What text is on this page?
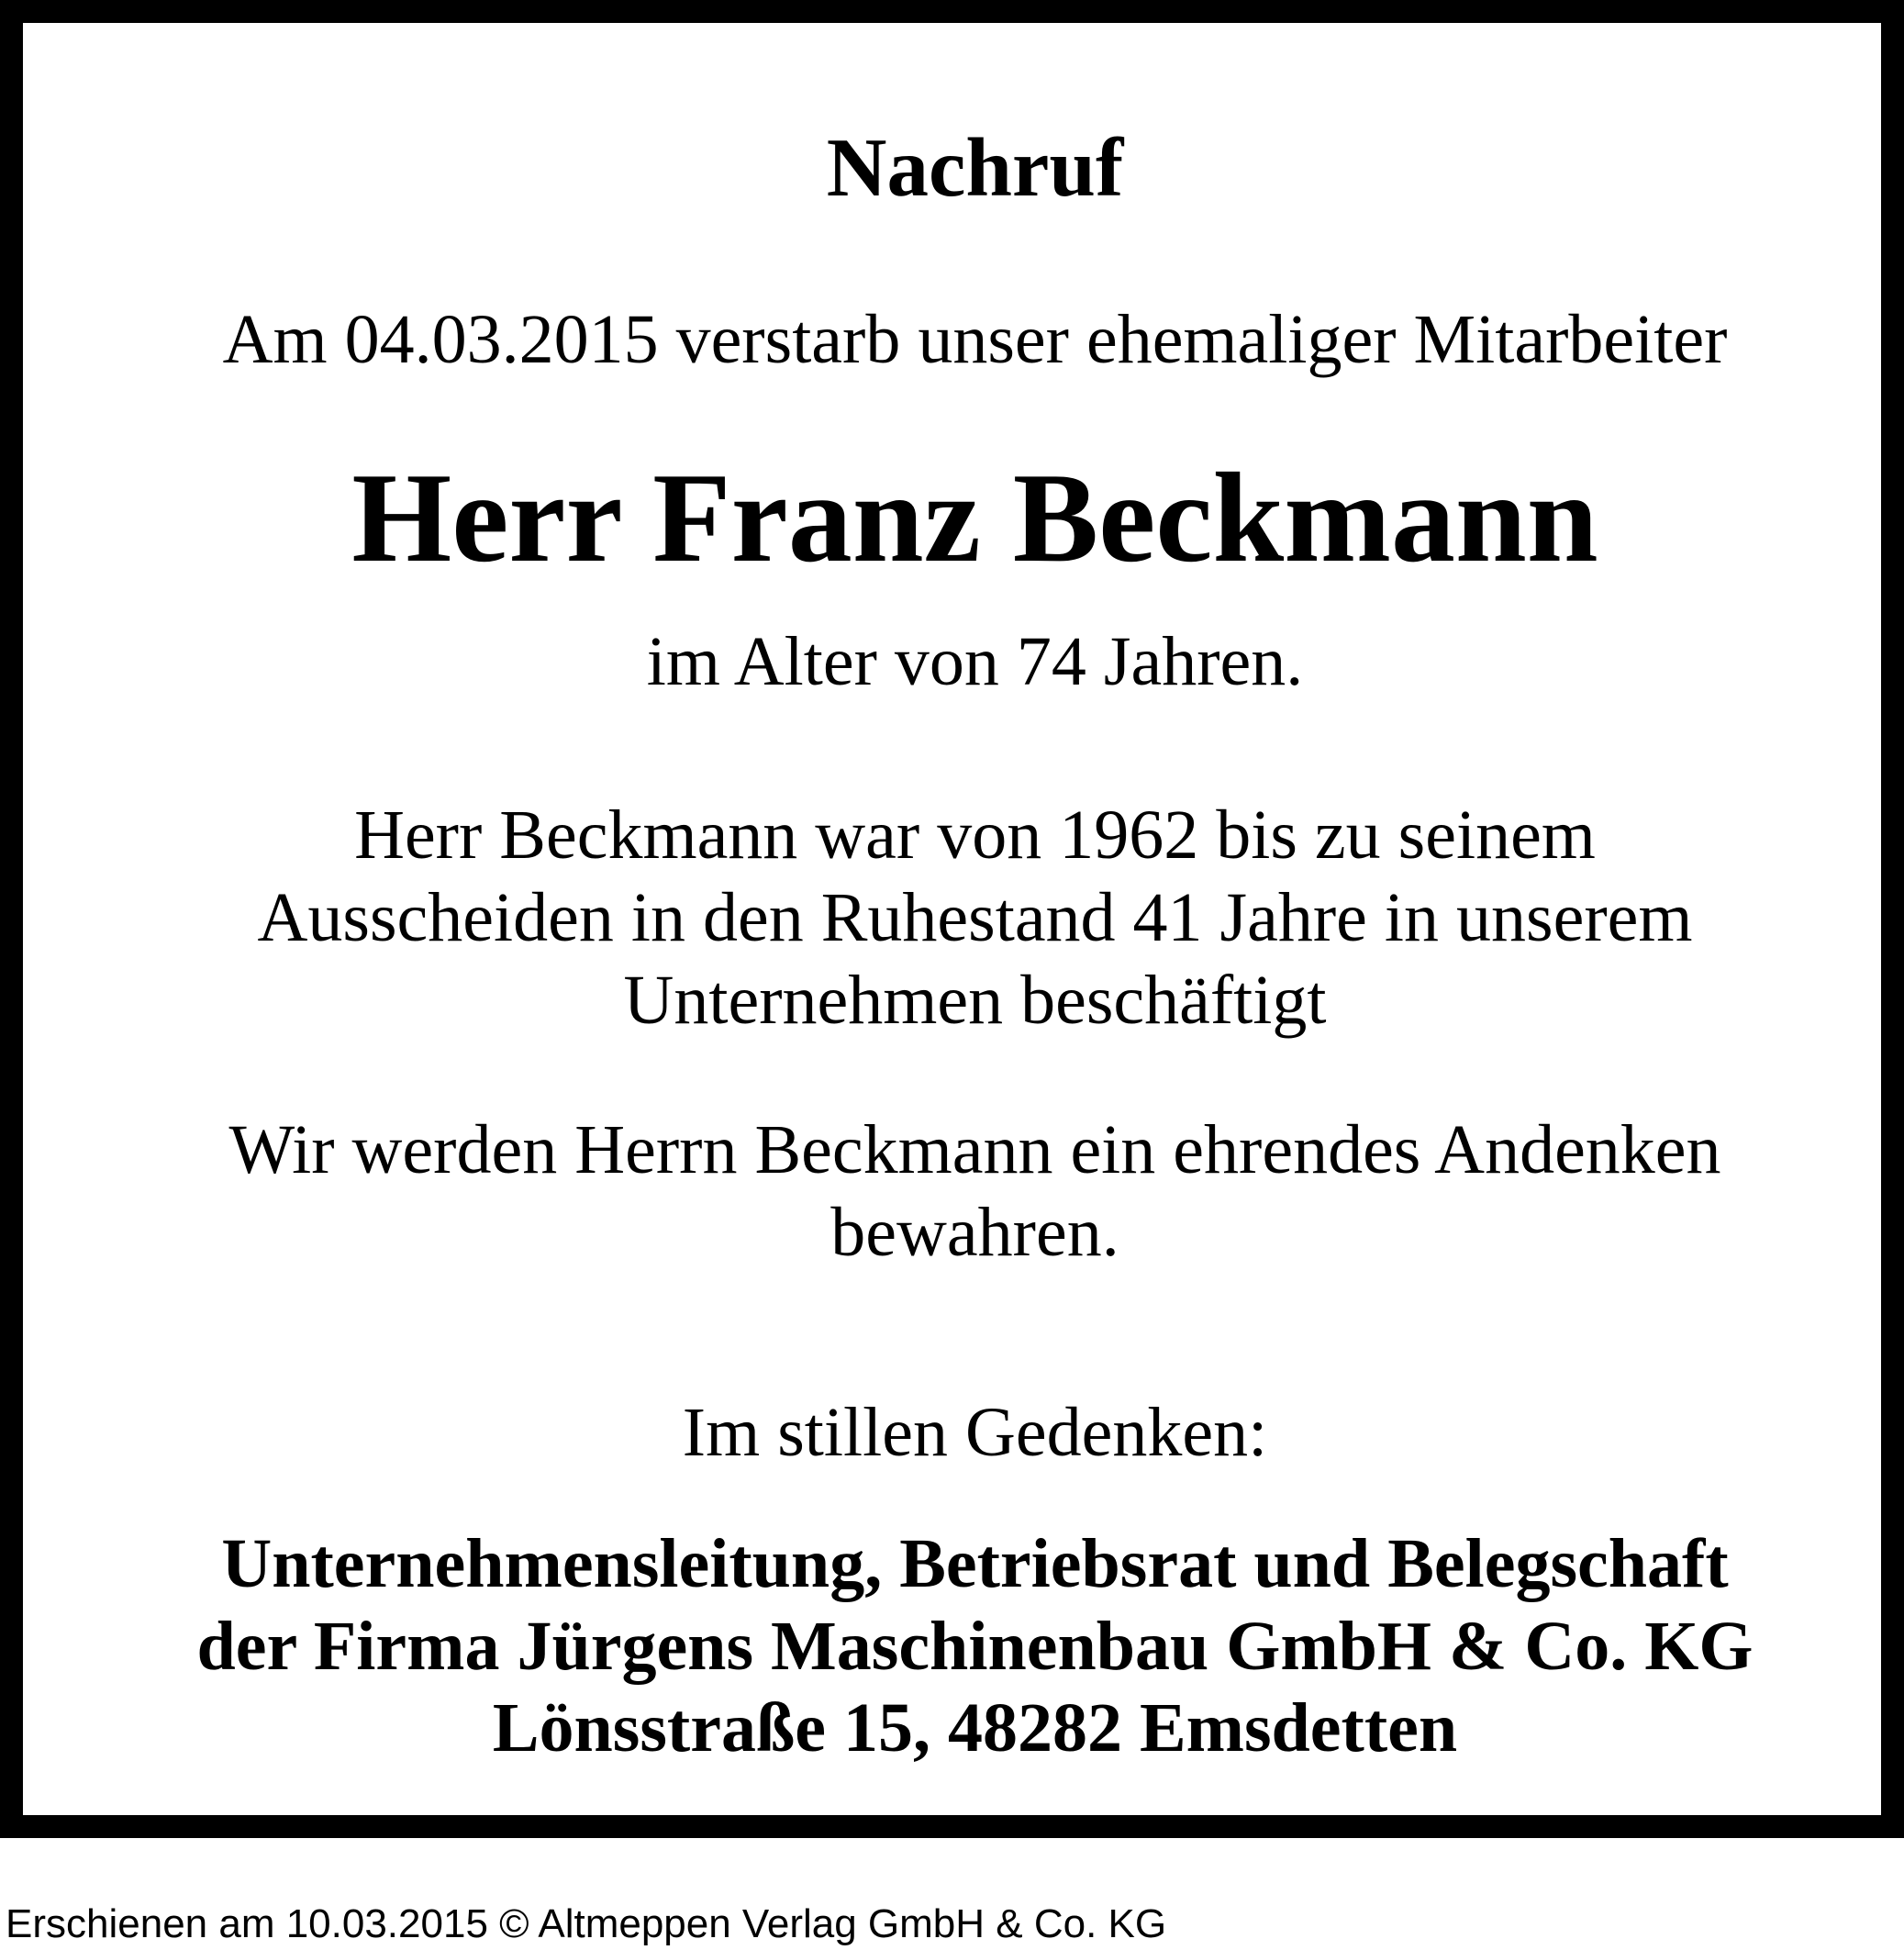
Nachruf
Am 04.03.2015 verstarb unser ehemaliger Mitarbeiter
Herr Franz Beckmann
im Alter von 74 Jahren.
Herr Beckmann war von 1962 bis zu seinem
Ausscheiden in den Ruhestand 41 Jahre in unserem
Unternehmen beschäftigt
Wir werden Herrn Beckmann ein ehrendes Andenken
bewahren.
Im stillen Gedenken:
Unternehmensleitung, Betriebsrat und Belegschaft
der Firma Jürgens Maschinenbau GmbH & Co. KG
Lönsstraße 15, 48282 Emsdetten
Erschienen am 10.03.2015 © Altmeppen Verlag GmbH & Co. KG
